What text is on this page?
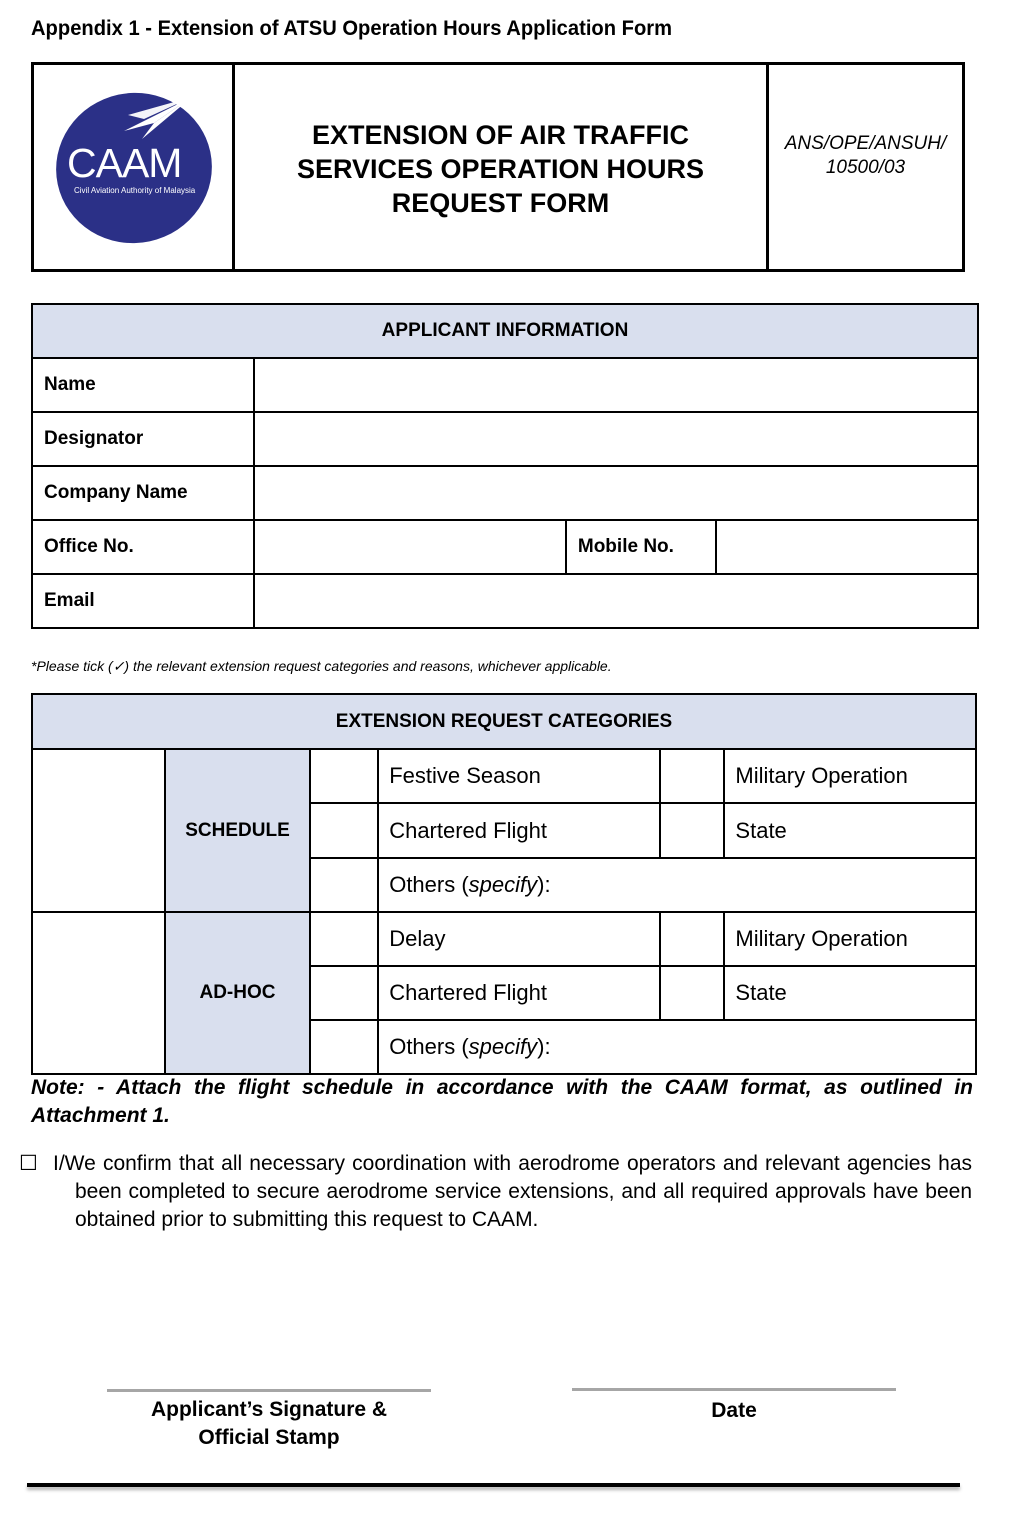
Appendix 1 - Extension of ATSU Operation Hours Application Form
CAAM
Civil Aviation Authority of Malaysia
EXTENSION OF AIR TRAFFIC
SERVICES OPERATION HOURS
REQUEST FORM
ANS/OPE/ANSUH/
10500/03
APPLICANT INFORMATION			
Name			
Designator			
Company Name			
Office No.		Mobile No.	
Email			
*Please tick (✓) the relevant extension request categories and reasons, whichever applicable.
EXTENSION REQUEST CATEGORIES					
	SCHEDULE		Festive Season		Military Operation
			Chartered Flight		State
			Others (specify):		
	AD-HOC		Delay		Military Operation
			Chartered Flight		State
			Others (specify):		
Note: - Attach the flight schedule in accordance with the CAAM format, as outlined in Attachment 1.
☐ I/We confirm that all necessary coordination with aerodrome operators and relevant agencies has been completed to secure aerodrome service extensions, and all required approvals have been obtained prior to submitting this request to CAAM.
Applicant’s Signature &
Official Stamp
Date
